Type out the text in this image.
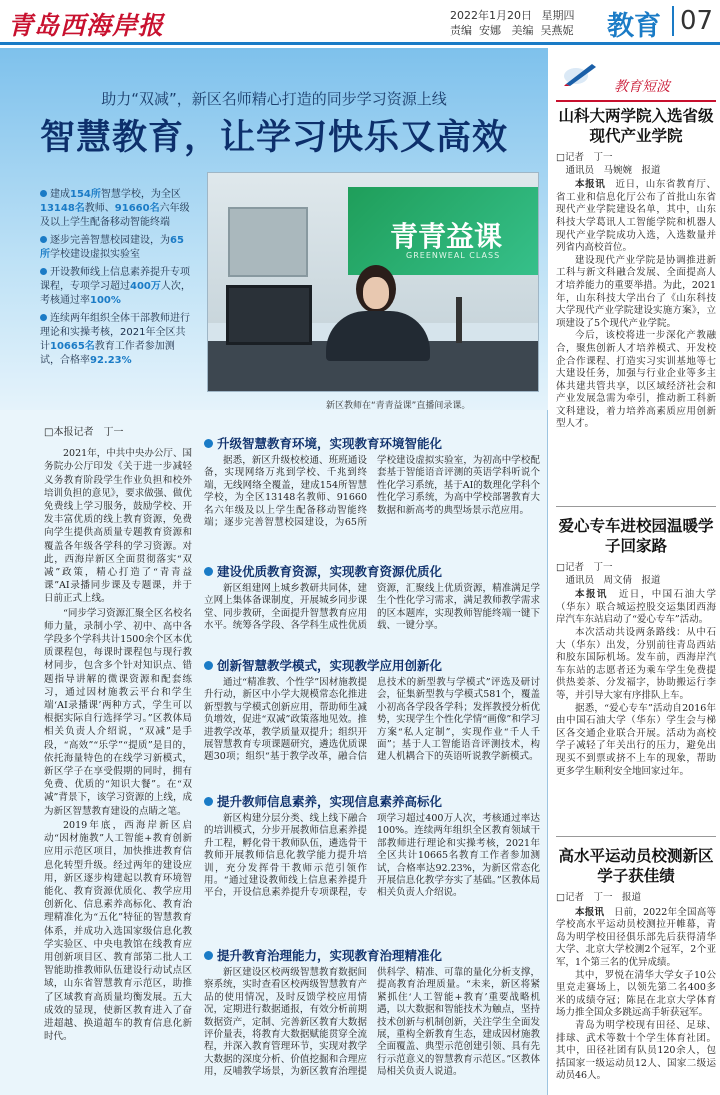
青岛西海岸报	2022年1月20日 星期四
责编 安娜 美编 吴燕妮 教育 07
助力“双减”，新区名师精心打造的同步学习资源上线
智慧教育，让学习快乐又高效
建成154所智慧学校，为全区13148名教师、91660名六年级及以上学生配备移动智能终端
逐步完善智慧校园建设，为65所学校建设虚拟实验室
开设教师线上信息素养提升专项课程，专项学习超过400万人次，考核通过率100%
连续两年组织全体干部教师进行理论和实操考核，2021年全区共计10665名教育工作者参加测试，合格率92.23%
青青益课
GREENWEAL CLASS
新区教师在“青青益课”直播间录课。
□本报记者　丁一

2021年，中共中央办公厅、国务院办公厅印发《关于进一步减轻义务教育阶段学生作业负担和校外培训负担的意见》，要求做强、做优免费线上学习服务，鼓励学校、开发丰富优质的线上教育资源，免费向学生提供高质量专题教育资源和覆盖各年级各学科的学习资源。对此，西海岸新区全面贯彻落实“双减”政策，精心打造了“青青益课”AI录播同步课及专题课，并于日前正式上线。

“同步学习资源汇聚全区名校名师力量，录制小学、初中、高中各学段多个学科共计1500余个区本优质课程包，每课时课程包与现行教材同步，包含多个针对知识点、错题指导讲解的微课资源和配套练习，通过因材施教云平台和学生端‘AI录播课’两种方式，学生可以根据实际自行选择学习。”区教体局相关负责人介绍说，“双减”是手段，“高效”“乐学”“提质”是目的，依托海量特色的在线学习新模式，新区学子在享受假期的同时，拥有免费、优质的“知识大餐”。在“双减”背景下，该学习资源的上线，成为新区智慧教育建设的点睛之笔。

2019年底，西海岸新区启动“因材施教”人工智能+教育创新应用示范区项目，加快推进教育信息化转型升级。经过两年的建设应用，新区逐步构建起以教育环境智能化、教育资源优质化、教学应用创新化、信息素养高标化、教育治理精准化为“五化”特征的智慧教育体系，并成功入选国家级信息化教学实验区、中央电教馆在线教育应用创新项目区、教育部第二批人工智能助推教师队伍建设行动试点区域，山东省智慧教育示范区，助推了区域教育高质量均衡发展。五大成效的显现，使新区教育进入了奋进超越、换道超车的教育信息化新时代。

升级智慧教育环境，实现教育环境智能化

据悉，新区升级校校通、班班通设备，实现网络万兆到学校、千兆到终端，无线网络全覆盖，建成154所智慧学校，为全区13148名教师、91660名六年级及以上学生配备移动智能终端；逐步完善智慧校园建设，为65所学校建设虚拟实验室，为初高中学校配套基于智能语音评测的英语学科听说个性化学习系统，基于AI的数理化学科个性化学习系统，为高中学校部署教育大数据和新高考的典型场景示范应用。

建设优质教育资源，实现教育资源优质化

新区组建网上城乡教研共同体，建立网上集体备课制度，开展城乡同步课堂、同步教研，全面提升智慧教育应用水平。统筹各学段、各学科生成性优质资源，汇聚线上优质资源，精准满足学生个性化学习需求，满足教师教学需求的区本题库，实现教师智能终端一键下载、一键分享。

创新智慧教学模式，实现教学应用创新化

通过“精准教、个性学”因材施教提升行动，新区中小学大规模常态化推进新型教与学模式创新应用，帮助师生减负增效，促进“双减”政策落地见效。推进教学改革，教学质量双提升；组织开展智慧教育专项课题研究，遴选优质课题30项；组织“基于教学改革，融合信息技术的新型教与学模式”评选及研讨会，征集新型教与学模式581个，覆盖小初高各学段各学科；发挥教授分析优势，实现学生个性化学情“画像”和学习方案“私人定制”，实现作业“千人千面”；基于人工智能语音评测技术，构建人机耦合下的英语听说教学新模式。

提升教师信息素养，实现信息素养高标化

新区构建分层分类、线上线下融合的培训模式，分步开展教师信息素养提升工程，孵化骨干教师队伍，遴选骨干教师开展教师信息化教学能力提升培训，充分发挥骨干教师示范引领作用。“通过建设教师线上信息素养提升平台，开设信息素养提升专项课程，专项学习超过400万人次，考核通过率达100%。连续两年组织全区教育领域干部教师进行理论和实操考核，2021年全区共计10665名教育工作者参加测试，合格率达92.23%，为新区常态化开展信息化教学夯实了基础。”区教体局相关负责人介绍说。

提升教育治理能力，实现教育治理精准化

新区建设区校两级智慧教育数据间察系统，实时查看区校两级智慧教育产品的使用情况，及时反馈学校应用情况，定期进行数据通报，有效分析前期数据资产，定制、完善新区教育大数据评价量表，将教育大数据赋能贯穿全流程，并深入教育管理环节，实现对教学大数据的深度分析、价值挖掘和合理应用，反哺教学场景，为新区教育治理提供科学、精准、可靠的量化分析支撑，提高教育治理质量。“未来，新区将紧紧抓住‘人工智能+教育’重要战略机遇，以大数据和智能技术为触点，坚持技术创新与机制创新，关注学生全面发展，重构全新教育生态，建成因材施教全面覆盖、典型示范创建引领、具有先行示范意义的智慧教育示范区。”区教体局相关负责人说道。

教育短波
山科大两学院入选省级现代产业学院
□记者　丁一
　通讯员　马婉婉　报道

本报讯　 近日，山东省教育厅、省工业和信息化厅公布了首批山东省现代产业学院建设名单，其中，山东科技大学葛讯人工智能学院和机器人现代产业学院成功入选，入选数量并列省内高校首位。

建设现代产业学院是协调推进新工科与新文科融合发展、全面提高人才培养能力的重要举措。为此，2021年，山东科技大学出台了《山东科技大学现代产业学院建设实施方案》，立项建设了5个现代产业学院。

今后，该校将进一步深化产教融合，聚焦创新人才培养模式、开发校企合作课程、打造实习实训基地等七大建设任务，加强与行业企业等多主体共建共管共享，以区域经济社会和产业发展急需为牵引，推动新工科新文科建设，着力培养高素质应用创新型人才。

爱心专车进校园温暖学子回家路
□记者　丁一
　通讯员　周文倩　报道

本报讯　 近日，中国石油大学（华东）联合城运控股交运集团西海岸汽车东站启动了“爱心专车”活动。

本次活动共设两条路线：从中石大（华东）出发，分别前往青岛西站和胶东国际机场。发车前，西海岸汽车东站的志愿者还为乘车学生免费提供热姜茶、分发福字，协助搬运行李等，并引导大家有序排队上车。

据悉，“爱心专车”活动自2016年由中国石油大学（华东）学生会与梯区各交通企业联合开展。活动为高校学子减轻了年关出行的压力，避免出现买不到票或挤不上车的现象，帮助更多学生顺利安全地回家过年。

高水平运动员校测新区学子获佳绩
□记者　丁一　报道

本报讯　 日前，2022年全国高等学校高水平运动员校测拉开帷幕，青岛为明学校田径俱乐部先后获得清华大学、北京大学校测2个冠军，2个亚军，1个第三名的优异成绩。

其中，罗悦在清华大学女子10公里竞走赛场上，以领先第二名400多米的成绩夺冠；陈昆在北京大学体育场力推全国众多跳远高手斩获冠军。

青岛为明学校现有田径、足球、排球、武术等数十个学生体育社团。其中，田径社团有队员120余人，包括国家一级运动员12人、国家二级运动员46人。
